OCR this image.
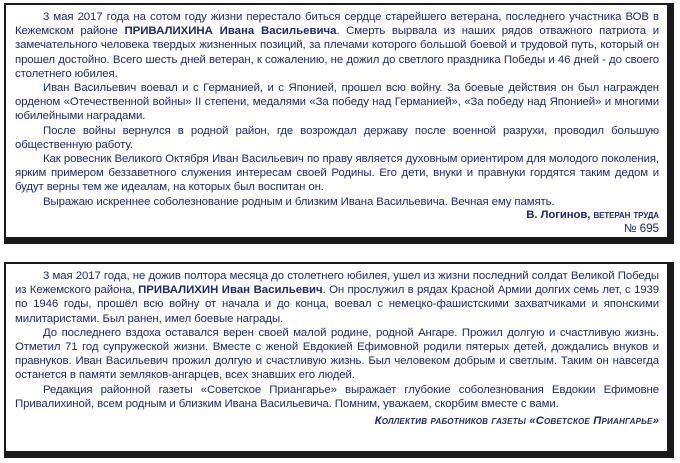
3 мая 2017 года на сотом году жизни перестало биться сердце старейшего ветерана, последнего участника ВОВ в Кежемском районе ПРИВАЛИХИНА Ивана Васильевича. Смерть вырвала из наших рядов отважного патриота и замечательного человека твердых жизненных позиций, за плечами которого большой боевой и трудовой путь, который он прошел достойно. Всего шесть дней ветеран, к сожалению, не дожил до светлого праздника Победы и 46 дней - до своего столетнего юбилея.

Иван Васильевич воевал и с Германией, и с Японией, прошел всю войну. За боевые действия он был награжден орденом «Отечественной войны» II степени, медалями «За победу над Германией», «За победу над Японией» и многими юбилейными наградами.

После войны вернулся в родной район, где возрождал державу после военной разрухи, проводил большую общественную работу.

Как ровесник Великого Октября Иван Васильевич по праву является духовным ориентиром для молодого поколения, ярким примером беззаветного служения интересам своей Родины. Его дети, внуки и правнуки гордятся таким дедом и будут верны тем же идеалам, на которых был воспитан он.

Выражаю искреннее соболезнование родным и близким Ивана Васильевича. Вечная ему память.

В. Логинов, ветеран труда

№ 695

3 мая 2017 года, не дожив полтора месяца до столетнего юбилея, ушел из жизни последний солдат Великой Победы из Кежемского района, ПРИВАЛИХИН Иван Васильевич. Он прослужил в рядах Красной Армии долгих семь лет, с 1939 по 1946 годы, прошёл всю войну от начала и до конца, воевал с немецко-фашистскими захватчиками и японскими милитаристами. Был ранен, имел боевые награды.

До последнего вздоха оставался верен своей малой родине, родной Ангаре. Прожил долгую и счастливую жизнь. Отметил 71 год супружеской жизни. Вместе с женой Евдокией Ефимовной родили пятерых детей, дождались внуков и правнуков. Иван Васильевич прожил долгую и счастливую жизнь. Был человеком добрым и светлым. Таким он навсегда останется в памяти земляков-ангарцев, всех знавших его людей.

Редакция районной газеты «Советское Приангарье» выражает глубокие соболезнования Евдокии Ефимовне Привалихиной, всем родным и близким Ивана Васильевича. Помним, уважаем, скорбим вместе с вами.

Коллектив работников газеты «Советское Приангарье»
